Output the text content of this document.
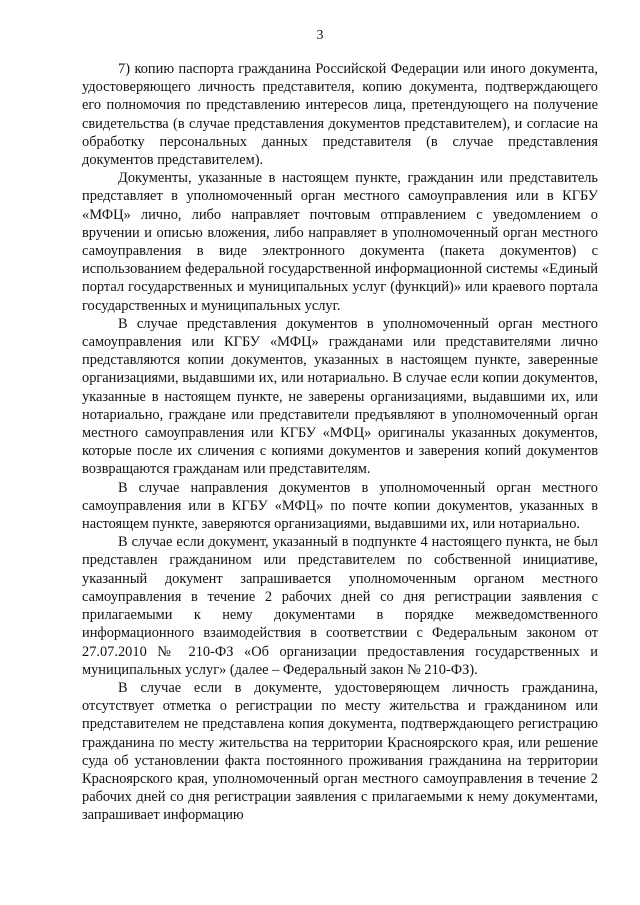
3

7) копию паспорта гражданина Российской Федерации или иного документа, удостоверяющего личность представителя, копию документа, подтверждающего его полномочия по представлению интересов лица, претендующего на получение свидетельства (в случае представления документов представителем), и согласие на обработку персональных данных представителя (в случае представления документов представителем).

Документы, указанные в настоящем пункте, гражданин или представитель представляет в уполномоченный орган местного самоуправления или в КГБУ «МФЦ» лично, либо направляет почтовым отправлением с уведомлением о вручении и описью вложения, либо направляет в уполномоченный орган местного самоуправления в виде электронного документа (пакета документов) с использованием федеральной государственной информационной системы «Единый портал государственных и муниципальных услуг (функций)» или краевого портала государственных и муниципальных услуг.

В случае представления документов в уполномоченный орган местного самоуправления или КГБУ «МФЦ» гражданами или представителями лично представляются копии документов, указанных в настоящем пункте, заверенные организациями, выдавшими их, или нотариально. В случае если копии документов, указанные в настоящем пункте, не заверены организациями, выдавшими их, или нотариально, граждане или представители предъявляют в уполномоченный орган местного самоуправления или КГБУ «МФЦ» оригиналы указанных документов, которые после их сличения с копиями документов и заверения копий документов возвращаются гражданам или представителям.

В случае направления документов в уполномоченный орган местного самоуправления или в КГБУ «МФЦ» по почте копии документов, указанных в настоящем пункте, заверяются организациями, выдавшими их, или нотариально.

В случае если документ, указанный в подпункте 4 настоящего пункта, не был представлен гражданином или представителем по собственной инициативе, указанный документ запрашивается уполномоченным органом местного самоуправления в течение 2 рабочих дней со дня регистрации заявления с прилагаемыми к нему документами в порядке межведомственного информационного взаимодействия в соответствии с Федеральным законом от 27.07.2010 № 210-ФЗ «Об организации предоставления государственных и муниципальных услуг» (далее – Федеральный закон № 210-ФЗ).

В случае если в документе, удостоверяющем личность гражданина, отсутствует отметка о регистрации по месту жительства и гражданином или представителем не представлена копия документа, подтверждающего регистрацию гражданина по месту жительства на территории Красноярского края, или решение суда об установлении факта постоянного проживания гражданина на территории Красноярского края, уполномоченный орган местного самоуправления в течение 2 рабочих дней со дня регистрации заявления с прилагаемыми к нему документами, запрашивает информацию
